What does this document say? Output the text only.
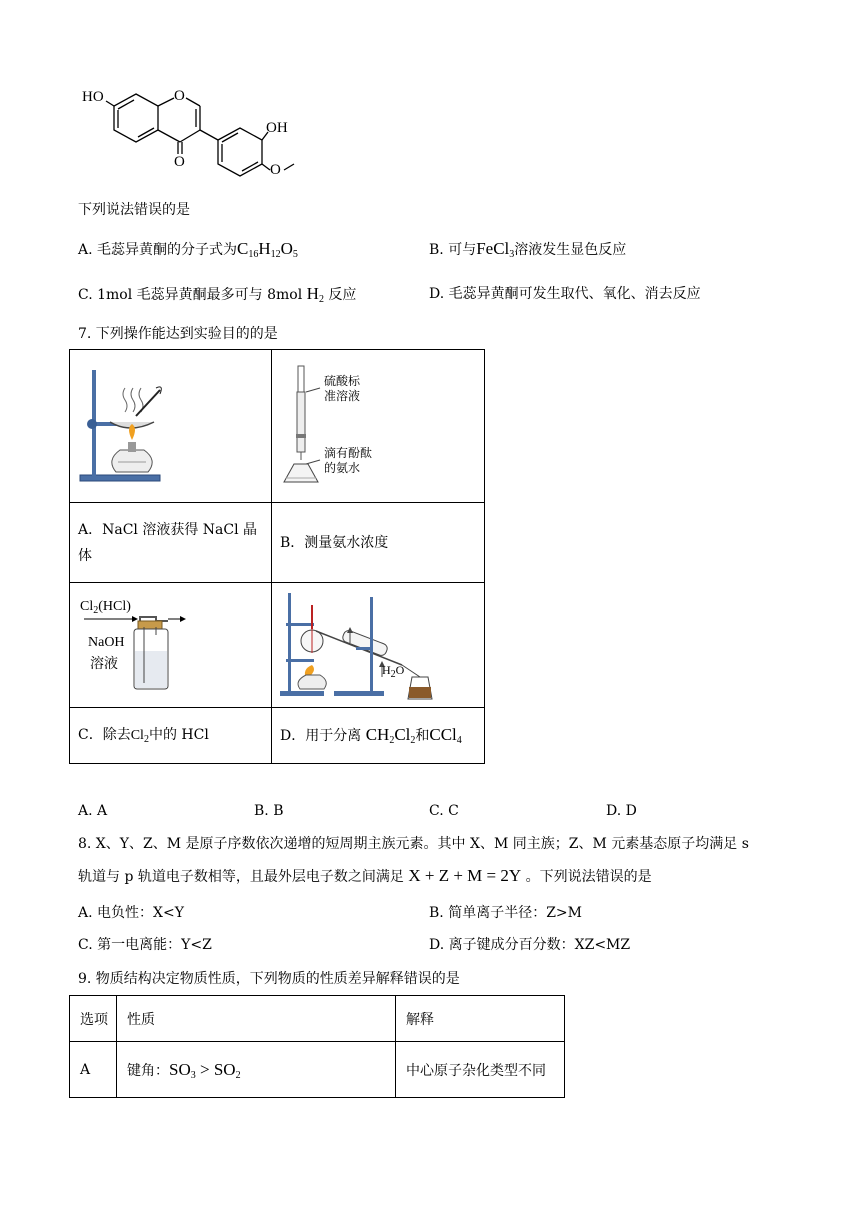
HO	O
O
OH
O
下列说法错误的是
A. 毛蕊异黄酮的分子式为$C_{16}H_{12}O_5$	B. 可与FeCl$_3$溶液发生显色反应
C. 1mol 毛蕊异黄酮最多可与 8mol $H_2$ 反应	D. 毛蕊异黄酮可发生取代、氧化、消去反应
7. 下列操作能达到实验目的的是

硫酸标
准溶液
滴有酚酞
的氨水

A．NaCl 溶液获得 NaCl 晶
体	B．测量氨水浓度

$Cl_2(HCl)$
NaOH
溶液	$H_2O$

C．除去$Cl_2$中的 HCl	D．用于分离 $CH_2Cl_2$和CCl$_4$
A. A	B. B	C. C	D. D
8. X、Y、Z、M 是原子序数依次递增的短周期主族元素。其中 X、M 同主族；Z、M 元素基态原子均满足 s
轨道与 p 轨道电子数相等，且最外层电子数之间满足 X + Z + M = 2Y 。下列说法错误的是
A. 电负性：X<Y	B. 简单离子半径：Z>M
C. 第一电离能：Y<Z	D. 离子键成分百分数：XZ<MZ
9. 物质结构决定物质性质，下列物质的性质差异解释错误的是
选项	性质	解释
A	键角：$SO_3 > SO_2$	中心原子杂化类型不同
